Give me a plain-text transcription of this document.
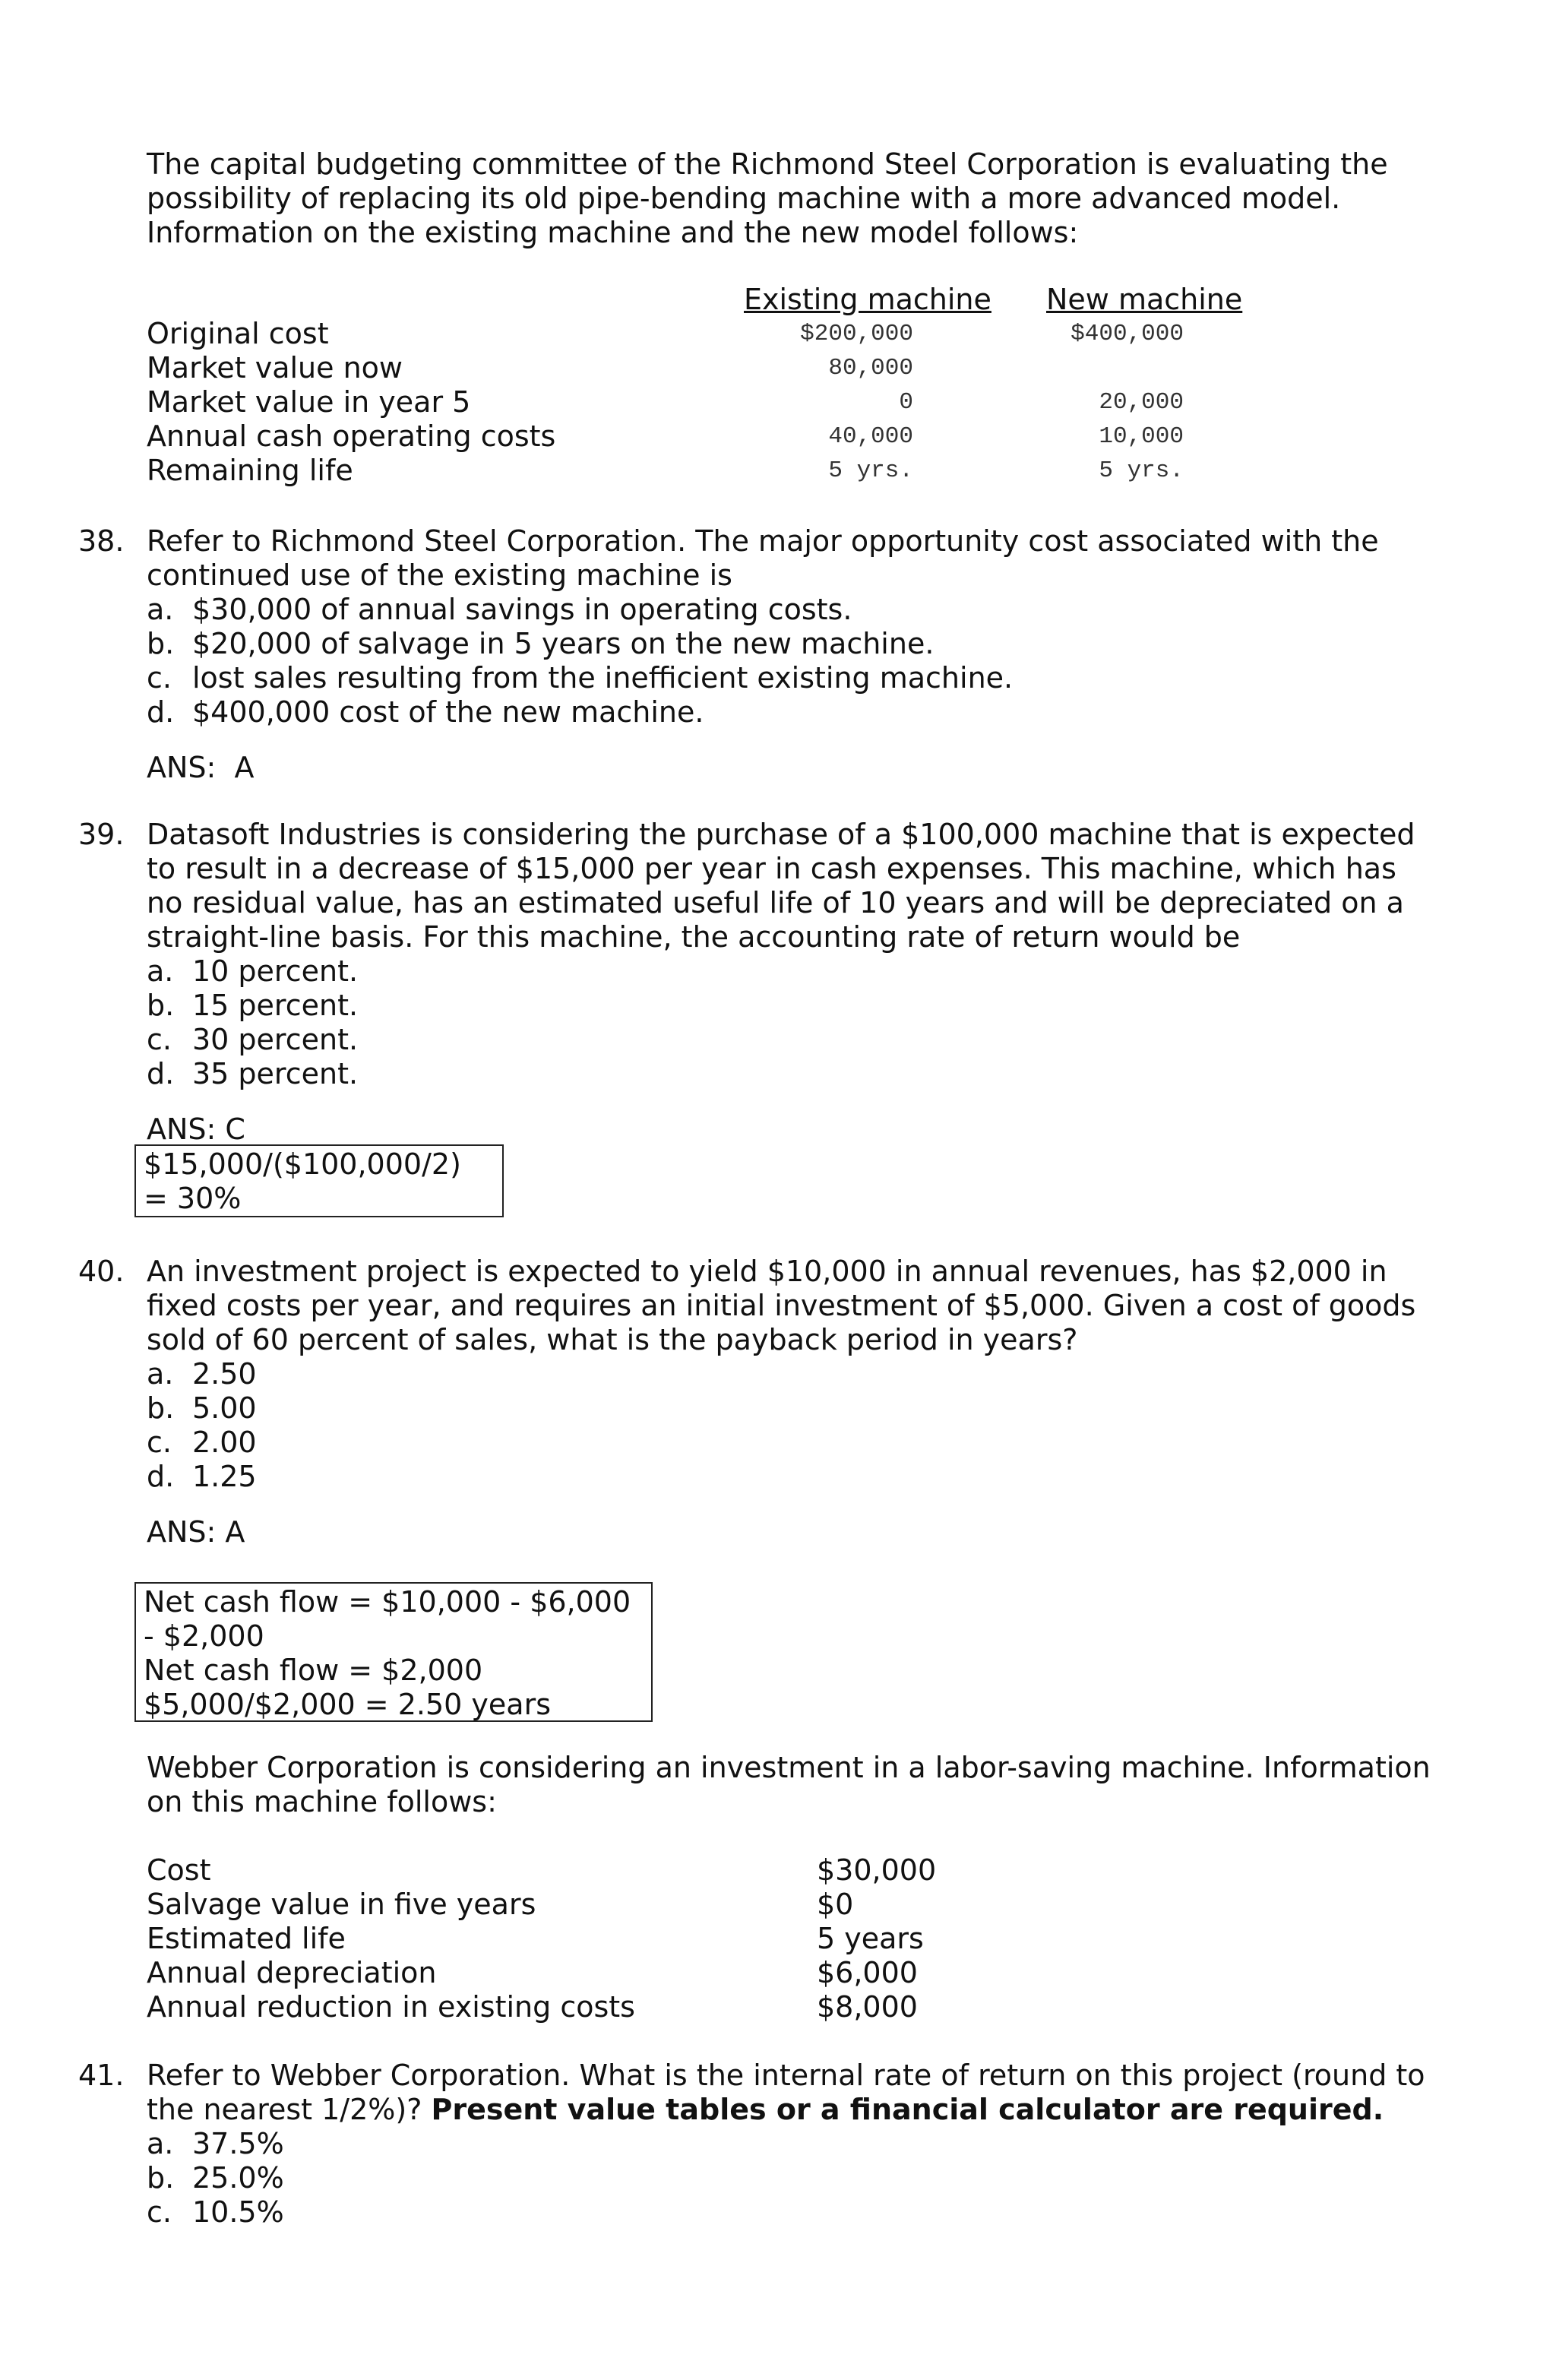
The capital budgeting committee of the Richmond Steel Corporation is evaluating the
possibility of replacing its old pipe-bending machine with a more advanced model.
Information on the existing machine and the new model follows:
Existing machine New machine
Original cost	$200,000	$400,000
Market value now	80,000
Market value in year 5	0	20,000
Annual cash operating costs	40,000	10,000
Remaining life	5 yrs.	5 yrs.
38. Refer to Richmond Steel Corporation. The major opportunity cost associated with the
continued use of the existing machine is
a. $30,000 of annual savings in operating costs.
b. $20,000 of salvage in 5 years on the new machine.
c. lost sales resulting from the inefficient existing machine.
d. $400,000 cost of the new machine.
ANS:  A
39. Datasoft Industries is considering the purchase of a $100,000 machine that is expected
to result in a decrease of $15,000 per year in cash expenses. This machine, which has
no residual value, has an estimated useful life of 10 years and will be depreciated on a
straight-line basis. For this machine, the accounting rate of return would be
a. 10 percent.
b. 15 percent.
c. 30 percent.
d. 35 percent.
ANS: C
$15,000/($100,000/2)
= 30%
40. An investment project is expected to yield $10,000 in annual revenues, has $2,000 in
fixed costs per year, and requires an initial investment of $5,000. Given a cost of goods
sold of 60 percent of sales, what is the payback period in years?
a. 2.50
b. 5.00
c. 2.00
d. 1.25
ANS: A
Net cash flow = $10,000 - $6,000
- $2,000
Net cash flow = $2,000
$5,000/$2,000 = 2.50 years
Webber Corporation is considering an investment in a labor-saving machine. Information
on this machine follows:
Cost	$30,000
Salvage value in five years	$0
Estimated life	5 years
Annual depreciation	$6,000
Annual reduction in existing costs	$8,000
41. Refer to Webber Corporation. What is the internal rate of return on this project (round to
the nearest 1/2%)? Present value tables or a financial calculator are required.
a. 37.5%
b. 25.0%
c. 10.5%
